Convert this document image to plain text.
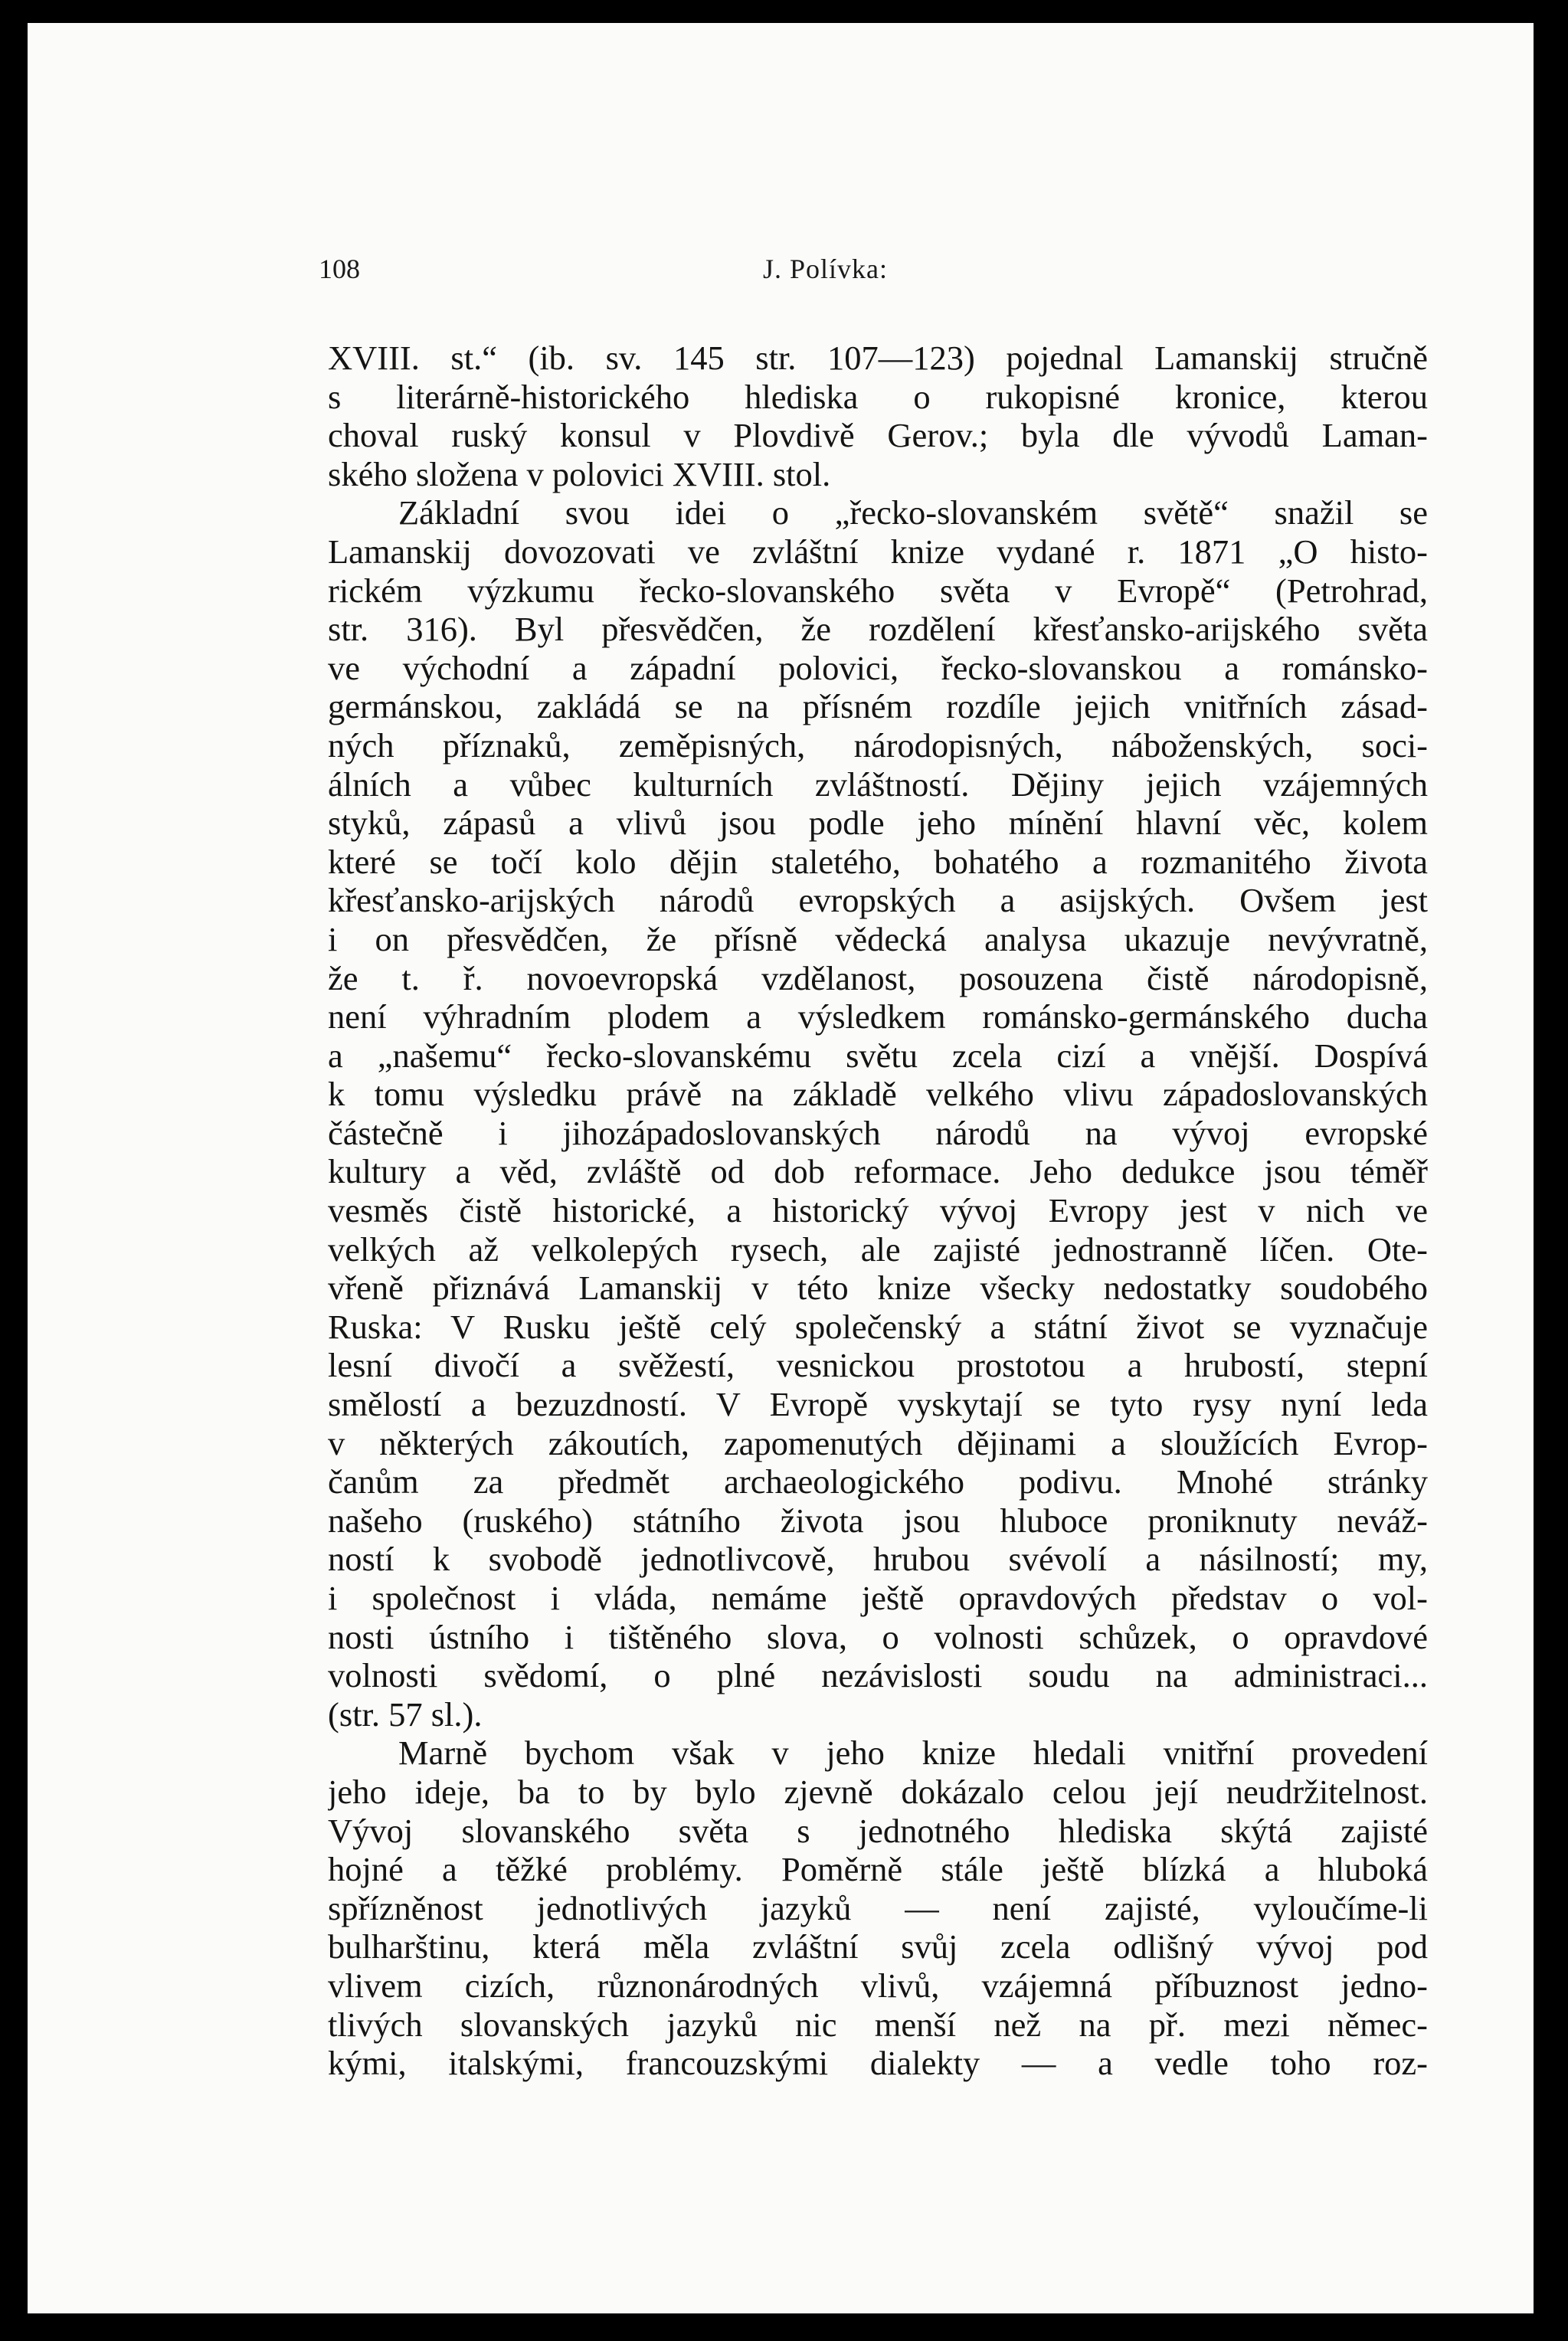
108	J. Polívka:
XVIII. st.“ (ib. sv. 145 str. 107—123) pojednal Lamanskij stručně
s literárně-historického hlediska o rukopisné kronice, kterou
choval ruský konsul v Plovdivě Gerov.; byla dle vývodů Laman-
ského složena v polovici XVIII. stol.
Základní svou idei o „řecko-slovanském světě“ snažil se
Lamanskij dovozovati ve zvláštní knize vydané r. 1871 „O histo-
rickém výzkumu řecko-slovanského světa v Evropě“ (Petrohrad,
str. 316). Byl přesvědčen, že rozdělení křesťansko-arijského světa
ve východní a západní polovici, řecko-slovanskou a románsko-
germánskou, zakládá se na přísném rozdíle jejich vnitřních zásad-
ných příznaků, zeměpisných, národopisných, náboženských, soci-
álních a vůbec kulturních zvláštností. Dějiny jejich vzájemných
styků, zápasů a vlivů jsou podle jeho mínění hlavní věc, kolem
které se točí kolo dějin staletého, bohatého a rozmanitého života
křesťansko-arijských národů evropských a asijských. Ovšem jest
i on přesvědčen, že přísně vědecká analysa ukazuje nevývratně,
že t. ř. novoevropská vzdělanost, posouzena čistě národopisně,
není výhradním plodem a výsledkem románsko-germánského ducha
a „našemu“ řecko-slovanskému světu zcela cizí a vnější. Dospívá
k tomu výsledku právě na základě velkého vlivu západoslovanských
částečně i jihozápadoslovanských národů na vývoj evropské
kultury a věd, zvláště od dob reformace. Jeho dedukce jsou téměř
vesměs čistě historické, a historický vývoj Evropy jest v nich ve
velkých až velkolepých rysech, ale zajisté jednostranně líčen. Ote-
vřeně přiznává Lamanskij v této knize všecky nedostatky soudobého
Ruska: V Rusku ještě celý společenský a státní život se vyznačuje
lesní divočí a svěžestí, vesnickou prostotou a hrubostí, stepní
smělostí a bezuzdností. V Evropě vyskytají se tyto rysy nyní leda
v některých zákoutích, zapomenutých dějinami a sloužících Evrop-
čanům za předmět archaeologického podivu. Mnohé stránky
našeho (ruského) státního života jsou hluboce proniknuty neváž-
ností k svobodě jednotlivcově, hrubou svévolí a násilností; my,
i společnost i vláda, nemáme ještě opravdových představ o vol-
nosti ústního i tištěného slova, o volnosti schůzek, o opravdové
volnosti svědomí, o plné nezávislosti soudu na administraci...
(str. 57 sl.).
Marně bychom však v jeho knize hledali vnitřní provedení
jeho ideje, ba to by bylo zjevně dokázalo celou její neudržitelnost.
Vývoj slovanského světa s jednotného hlediska skýtá zajisté
hojné a těžké problémy. Poměrně stále ještě blízká a hluboká
spřízněnost jednotlivých jazyků — není zajisté, vyloučíme-li
bulharštinu, která měla zvláštní svůj zcela odlišný vývoj pod
vlivem cizích, různonárodných vlivů, vzájemná příbuznost jedno-
tlivých slovanských jazyků nic menší než na př. mezi němec-
kými, italskými, francouzskými dialekty — a vedle toho roz-
